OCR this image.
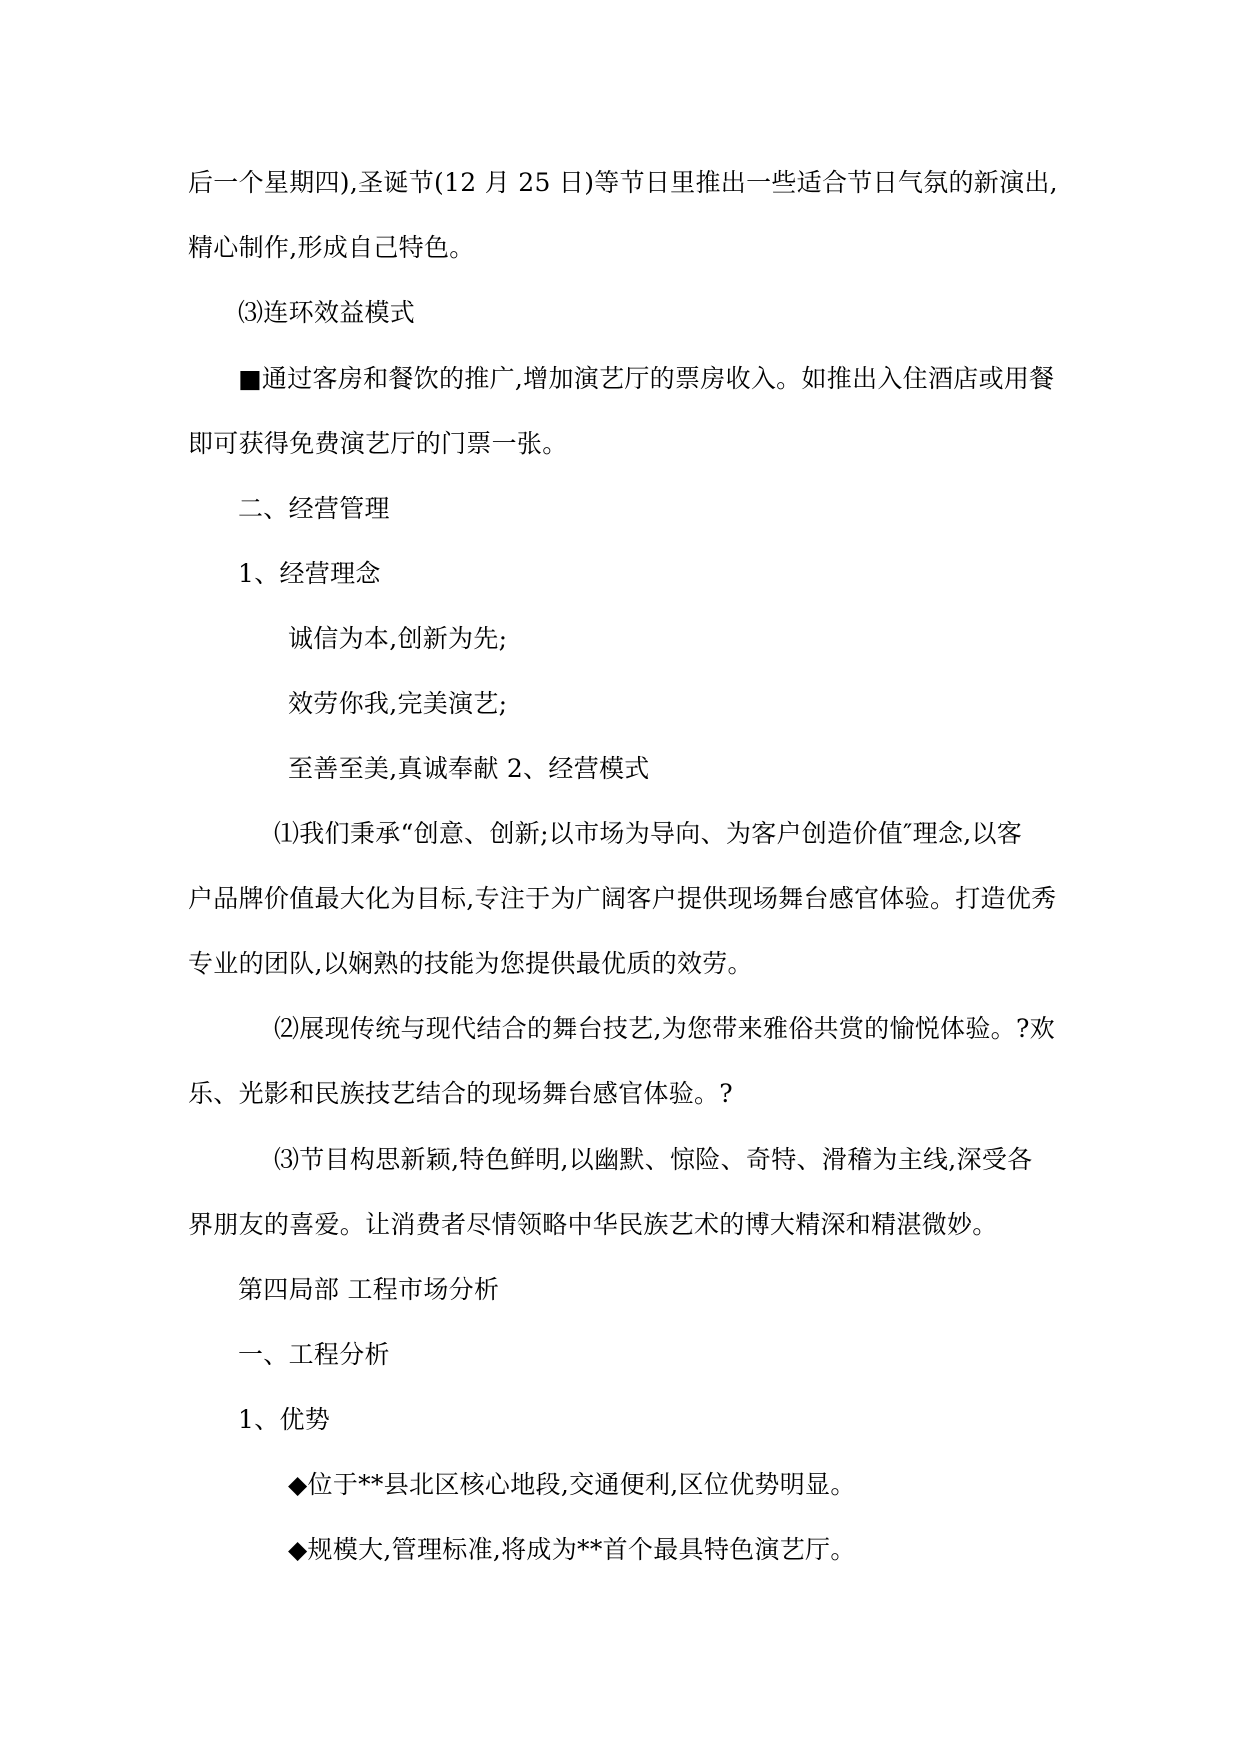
后一个星期四),圣诞节(12 月 25 日)等节日里推出一些适合节日气氛的新演出,
精心制作,形成自己特色。
⑶连环效益模式
■通过客房和餐饮的推广,增加演艺厅的票房收入。如推出入住酒店或用餐
即可获得免费演艺厅的门票一张。
二、经营管理
1、经营理念
诚信为本,创新为先;
效劳你我,完美演艺;
至善至美,真诚奉献 2、经营模式
⑴我们秉承“创意、创新;以市场为导向、为客户创造价值″理念,以客
户品牌价值最大化为目标,专注于为广阔客户提供现场舞台感官体验。打造优秀
专业的团队,以娴熟的技能为您提供最优质的效劳。
⑵展现传统与现代结合的舞台技艺,为您带来雅俗共赏的愉悦体验。?欢
乐、光影和民族技艺结合的现场舞台感官体验。?
⑶节目构思新颖,特色鲜明,以幽默、惊险、奇特、滑稽为主线,深受各
界朋友的喜爱。让消费者尽情领略中华民族艺术的博大精深和精湛微妙。
第四局部 工程市场分析
一、工程分析
1、优势
◆位于**县北区核心地段,交通便利,区位优势明显。
◆规模大,管理标准,将成为**首个最具特色演艺厅。
